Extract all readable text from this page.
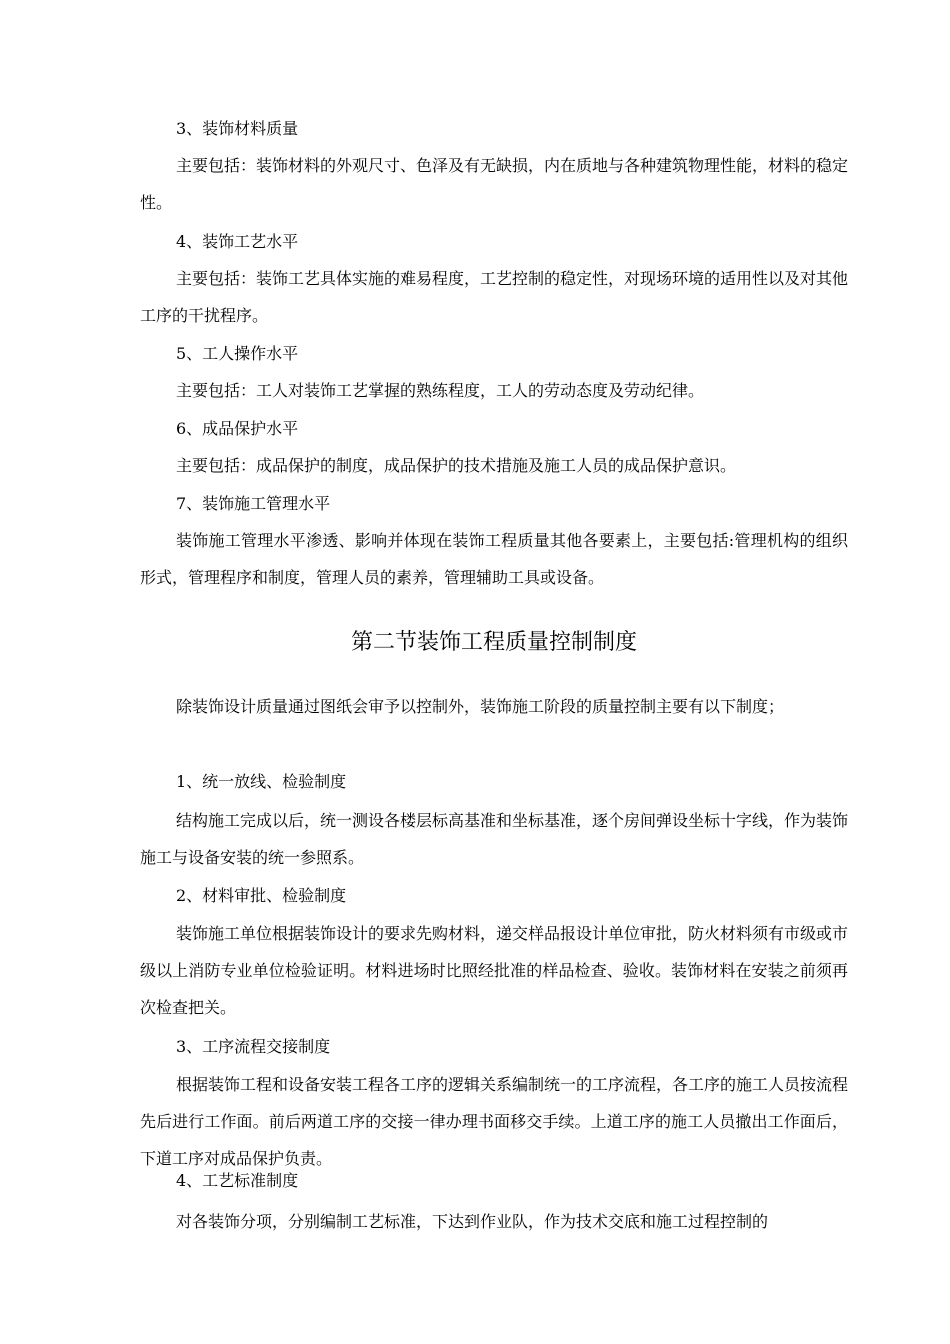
3、装饰材料质量
主要包括：装饰材料的外观尺寸、色泽及有无缺损，内在质地与各种建筑物理性能，材料的稳定性。
4、装饰工艺水平
主要包括：装饰工艺具体实施的难易程度，工艺控制的稳定性，对现场环境的适用性以及对其他工序的干扰程序。
5、工人操作水平
主要包括：工人对装饰工艺掌握的熟练程度，工人的劳动态度及劳动纪律。
6、成品保护水平
主要包括：成品保护的制度，成品保护的技术措施及施工人员的成品保护意识。
7、装饰施工管理水平
装饰施工管理水平渗透、影响并体现在装饰工程质量其他各要素上，主要包括:管理机构的组织形式，管理程序和制度，管理人员的素养，管理辅助工具或设备。
第二节装饰工程质量控制制度
除装饰设计质量通过图纸会审予以控制外，装饰施工阶段的质量控制主要有以下制度；
1、统一放线、检验制度
结构施工完成以后，统一测设各楼层标高基准和坐标基准，逐个房间弹设坐标十字线，作为装饰施工与设备安装的统一参照系。
2、材料审批、检验制度
装饰施工单位根据装饰设计的要求先购材料，递交样品报设计单位审批，防火材料须有市级或市级以上消防专业单位检验证明。材料进场时比照经批准的样品检查、验收。装饰材料在安装之前须再次检查把关。
3、工序流程交接制度
根据装饰工程和设备安装工程各工序的逻辑关系编制统一的工序流程，各工序的施工人员按流程先后进行工作面。前后两道工序的交接一律办理书面移交手续。上道工序的施工人员撤出工作面后，下道工序对成品保护负责。
4、工艺标准制度
对各装饰分项，分别编制工艺标准，下达到作业队，作为技术交底和施工过程控制的
